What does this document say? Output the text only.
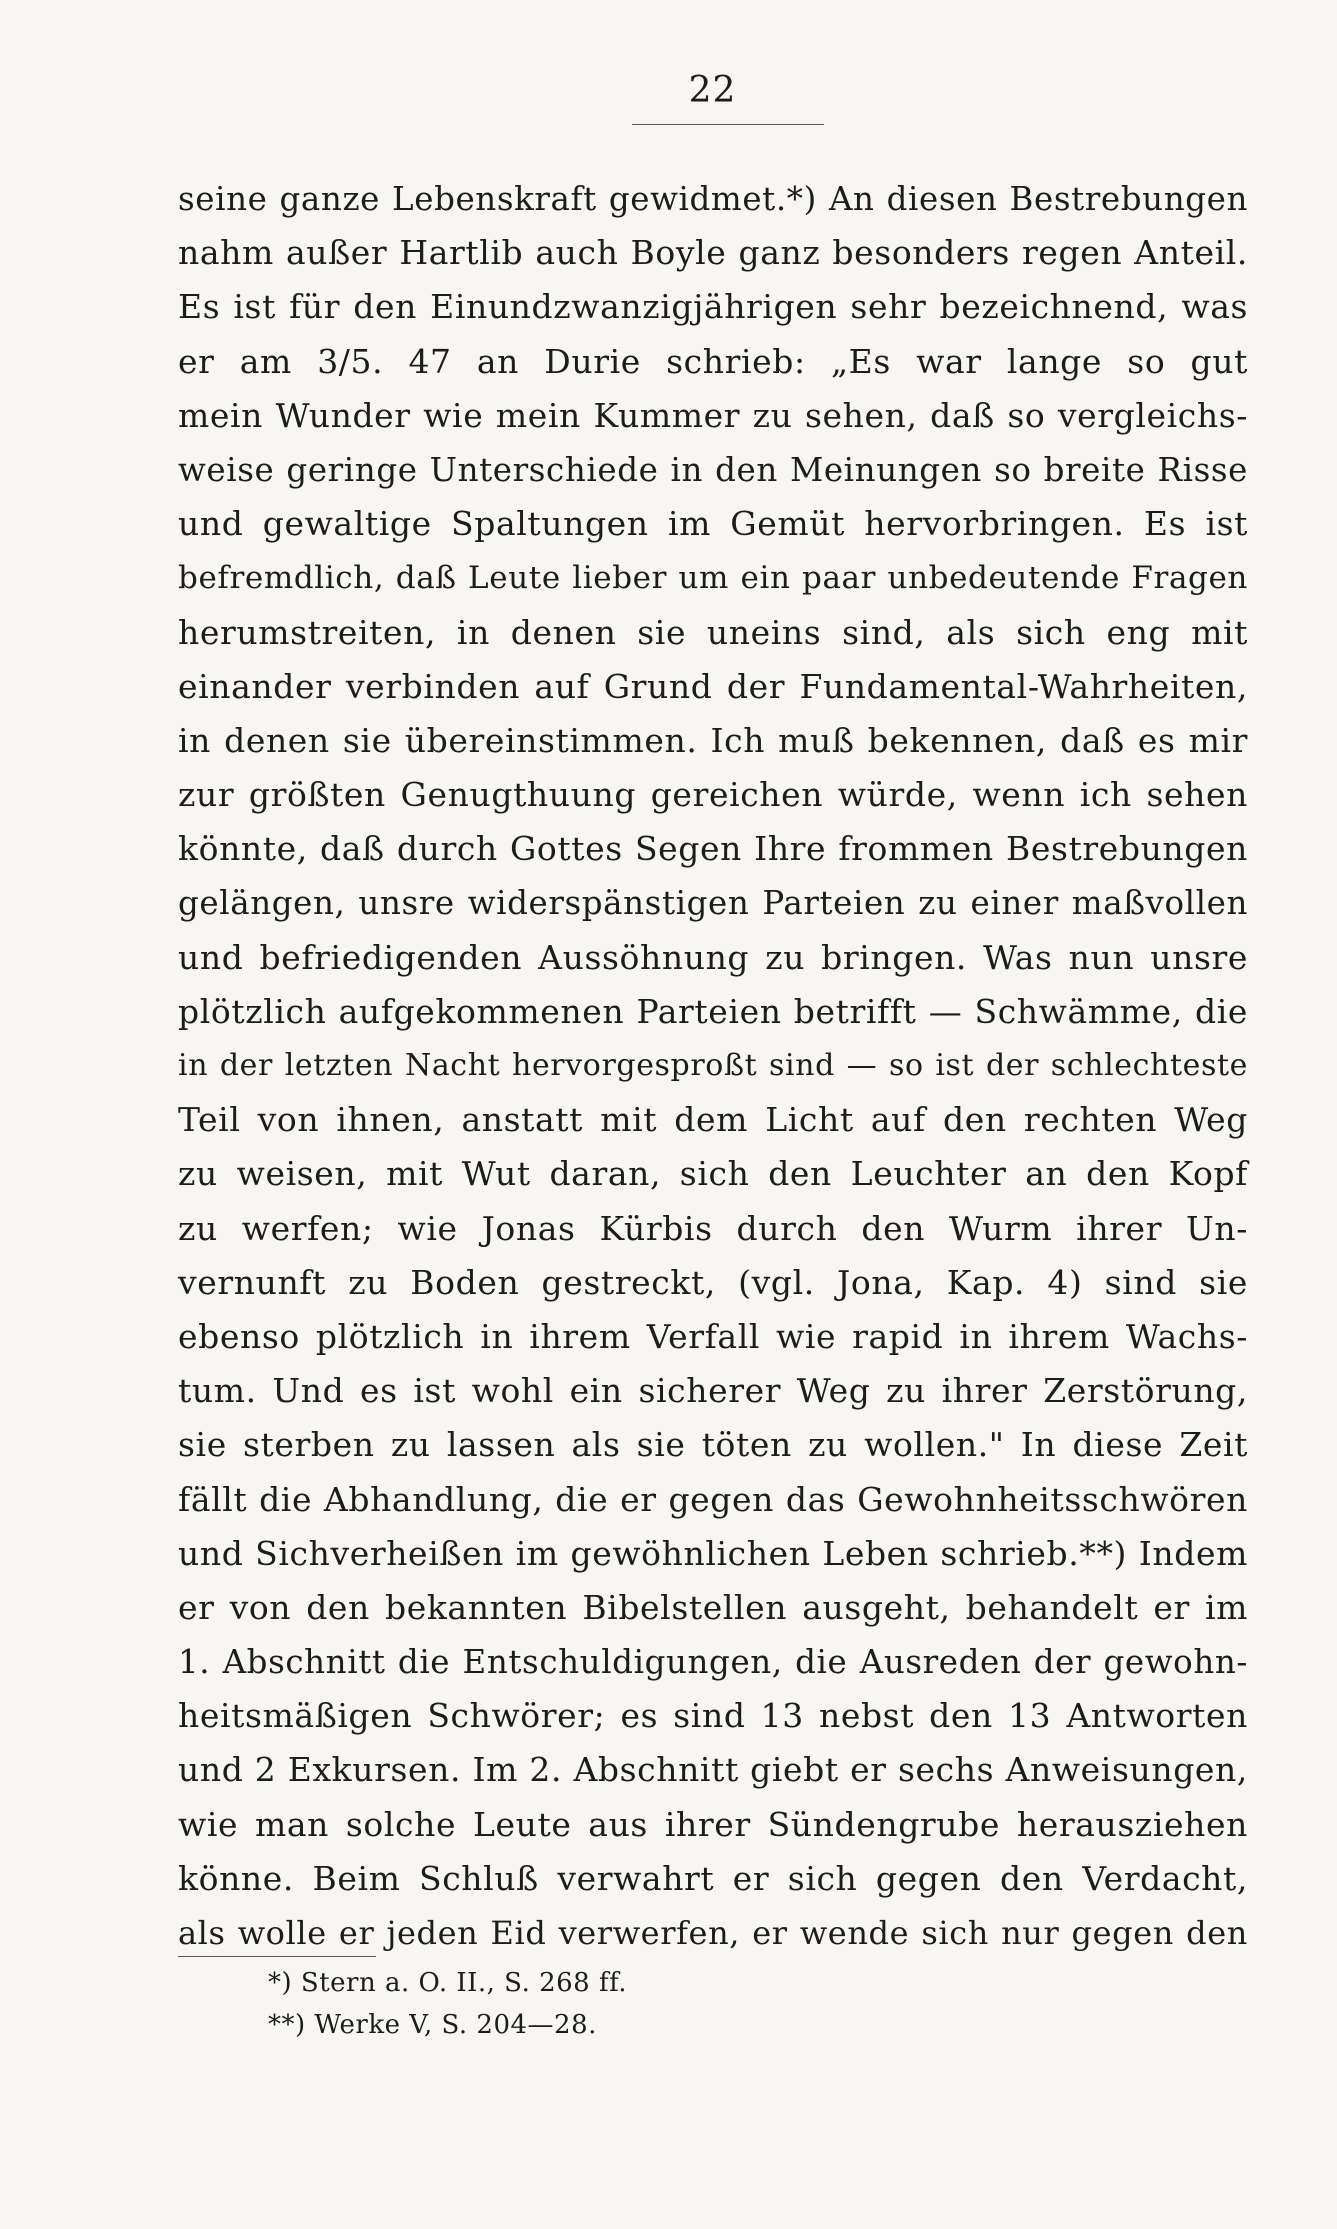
22
seine ganze Lebenskraft gewidmet.*) An diesen Bestrebungen
nahm außer Hartlib auch Boyle ganz besonders regen Anteil.
Es ist für den Einundzwanzigjährigen sehr bezeichnend, was
er am 3/5. 47 an Durie schrieb: „Es war lange so gut
mein Wunder wie mein Kummer zu sehen, daß so vergleichs-
weise geringe Unterschiede in den Meinungen so breite Risse
und gewaltige Spaltungen im Gemüt hervorbringen. Es ist
befremdlich, daß Leute lieber um ein paar unbedeutende Fragen
herumstreiten, in denen sie uneins sind, als sich eng mit
einander verbinden auf Grund der Fundamental-Wahrheiten,
in denen sie übereinstimmen. Ich muß bekennen, daß es mir
zur größten Genugthuung gereichen würde, wenn ich sehen
könnte, daß durch Gottes Segen Ihre frommen Bestrebungen
gelängen, unsre widerspänstigen Parteien zu einer maßvollen
und befriedigenden Aussöhnung zu bringen. Was nun unsre
plötzlich aufgekommenen Parteien betrifft — Schwämme, die
in der letzten Nacht hervorgesproßt sind — so ist der schlechteste
Teil von ihnen, anstatt mit dem Licht auf den rechten Weg
zu weisen, mit Wut daran, sich den Leuchter an den Kopf
zu werfen; wie Jonas Kürbis durch den Wurm ihrer Un-
vernunft zu Boden gestreckt, (vgl. Jona, Kap. 4) sind sie
ebenso plötzlich in ihrem Verfall wie rapid in ihrem Wachs-
tum. Und es ist wohl ein sicherer Weg zu ihrer Zerstörung,
sie sterben zu lassen als sie töten zu wollen." In diese Zeit
fällt die Abhandlung, die er gegen das Gewohnheitsschwören
und Sichverheißen im gewöhnlichen Leben schrieb.**) Indem
er von den bekannten Bibelstellen ausgeht, behandelt er im
1. Abschnitt die Entschuldigungen, die Ausreden der gewohn-
heitsmäßigen Schwörer; es sind 13 nebst den 13 Antworten
und 2 Exkursen. Im 2. Abschnitt giebt er sechs Anweisungen,
wie man solche Leute aus ihrer Sündengrube herausziehen
könne. Beim Schluß verwahrt er sich gegen den Verdacht,
als wolle er jeden Eid verwerfen, er wende sich nur gegen den
*) Stern a. O. II., S. 268 ff.
**) Werke V, S. 204—28.
